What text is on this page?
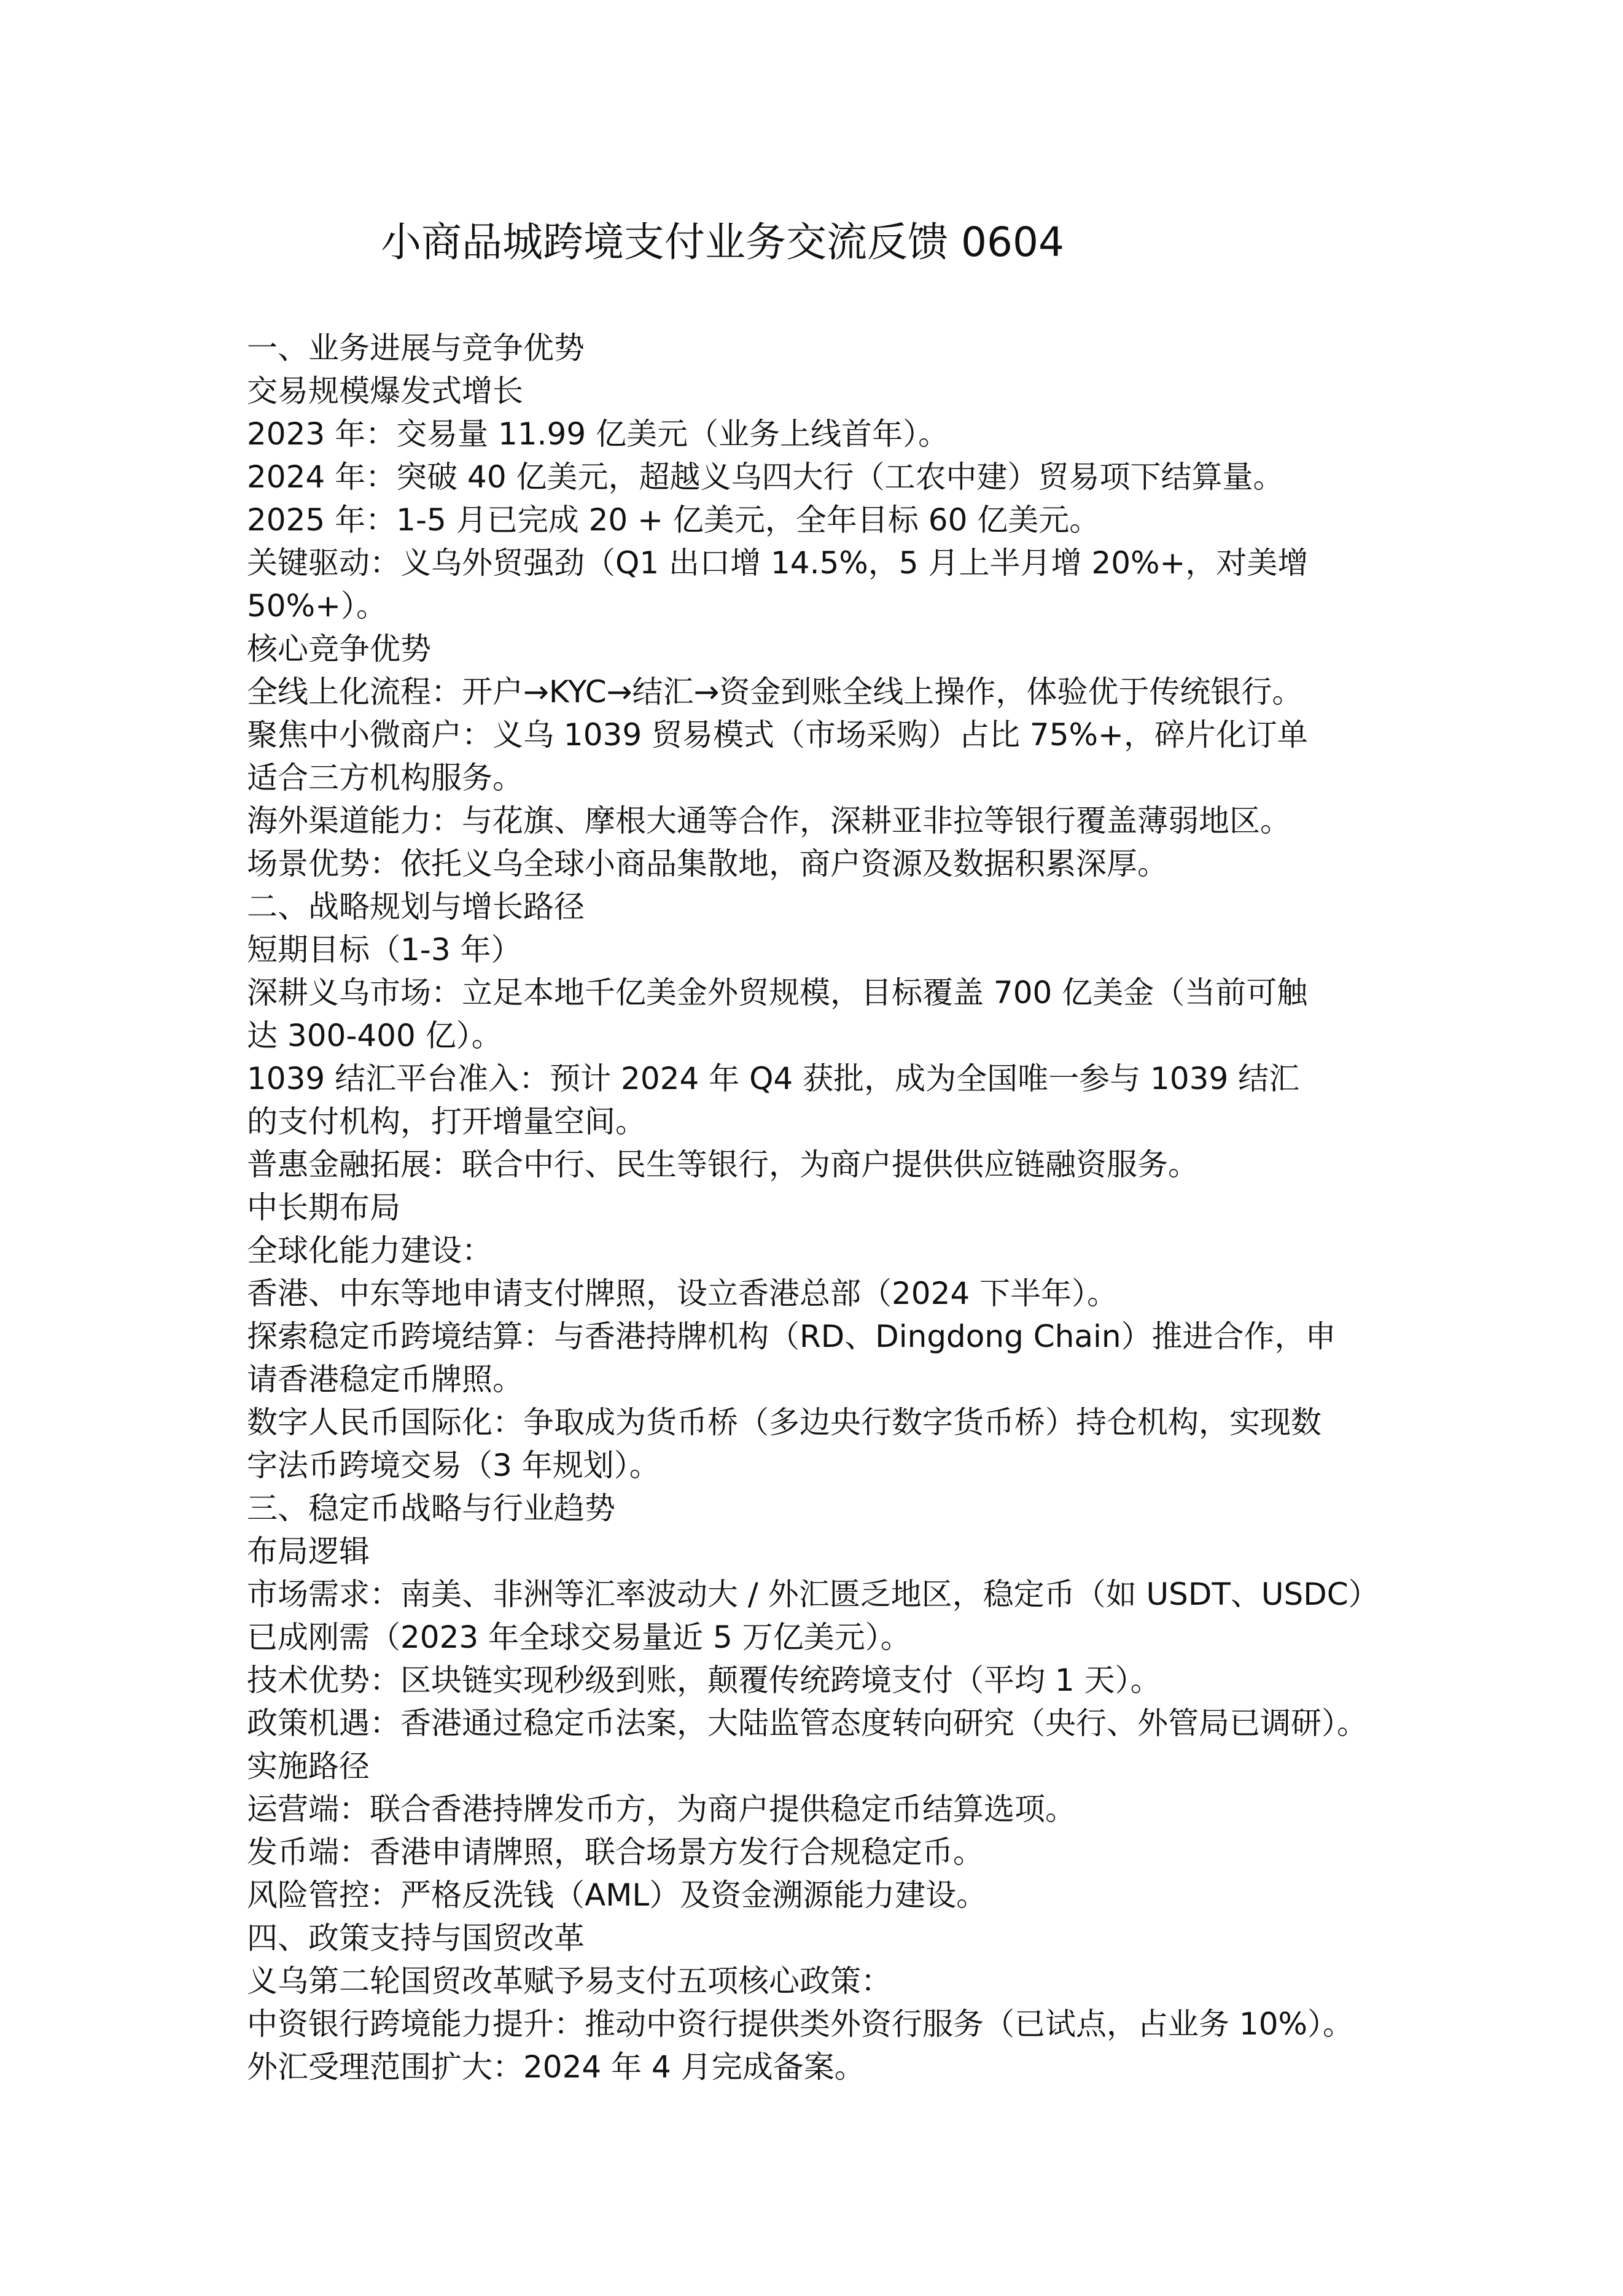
小商品城跨境支付业务交流反馈 0604

一、业务进展与竞争优势

交易规模爆发式增长

2023 年：交易量 11.99 亿美元（业务上线首年）。

2024 年：突破 40 亿美元，超越义乌四大行（工农中建）贸易项下结算量。

2025 年：1-5 月已完成 20 + 亿美元，全年目标 60 亿美元。

关键驱动：义乌外贸强劲（Q1 出口增 14.5%，5 月上半月增 20%+，对美增

50%+）。

核心竞争优势

全线上化流程：开户→KYC→结汇→资金到账全线上操作，体验优于传统银行。

聚焦中小微商户：义乌 1039 贸易模式（市场采购）占比 75%+，碎片化订单

适合三方机构服务。

海外渠道能力：与花旗、摩根大通等合作，深耕亚非拉等银行覆盖薄弱地区。

场景优势：依托义乌全球小商品集散地，商户资源及数据积累深厚。

二、战略规划与增长路径

短期目标（1-3 年）

深耕义乌市场：立足本地千亿美金外贸规模，目标覆盖 700 亿美金（当前可触

达 300-400 亿）。

1039 结汇平台准入：预计 2024 年 Q4 获批，成为全国唯一参与 1039 结汇

的支付机构，打开增量空间。

普惠金融拓展：联合中行、民生等银行，为商户提供供应链融资服务。

中长期布局

全球化能力建设：

香港、中东等地申请支付牌照，设立香港总部（2024 下半年）。

探索稳定币跨境结算：与香港持牌机构（RD、Dingdong Chain）推进合作，申

请香港稳定币牌照。

数字人民币国际化：争取成为货币桥（多边央行数字货币桥）持仓机构，实现数

字法币跨境交易（3 年规划）。

三、稳定币战略与行业趋势

布局逻辑

市场需求：南美、非洲等汇率波动大 / 外汇匮乏地区，稳定币（如 USDT、USDC）

已成刚需（2023 年全球交易量近 5 万亿美元）。

技术优势：区块链实现秒级到账，颠覆传统跨境支付（平均 1 天）。

政策机遇：香港通过稳定币法案，大陆监管态度转向研究（央行、外管局已调研）。

实施路径

运营端：联合香港持牌发币方，为商户提供稳定币结算选项。

发币端：香港申请牌照，联合场景方发行合规稳定币。

风险管控：严格反洗钱（AML）及资金溯源能力建设。

四、政策支持与国贸改革

义乌第二轮国贸改革赋予易支付五项核心政策：

中资银行跨境能力提升：推动中资行提供类外资行服务（已试点，占业务 10%）。

外汇受理范围扩大：2024 年 4 月完成备案。
